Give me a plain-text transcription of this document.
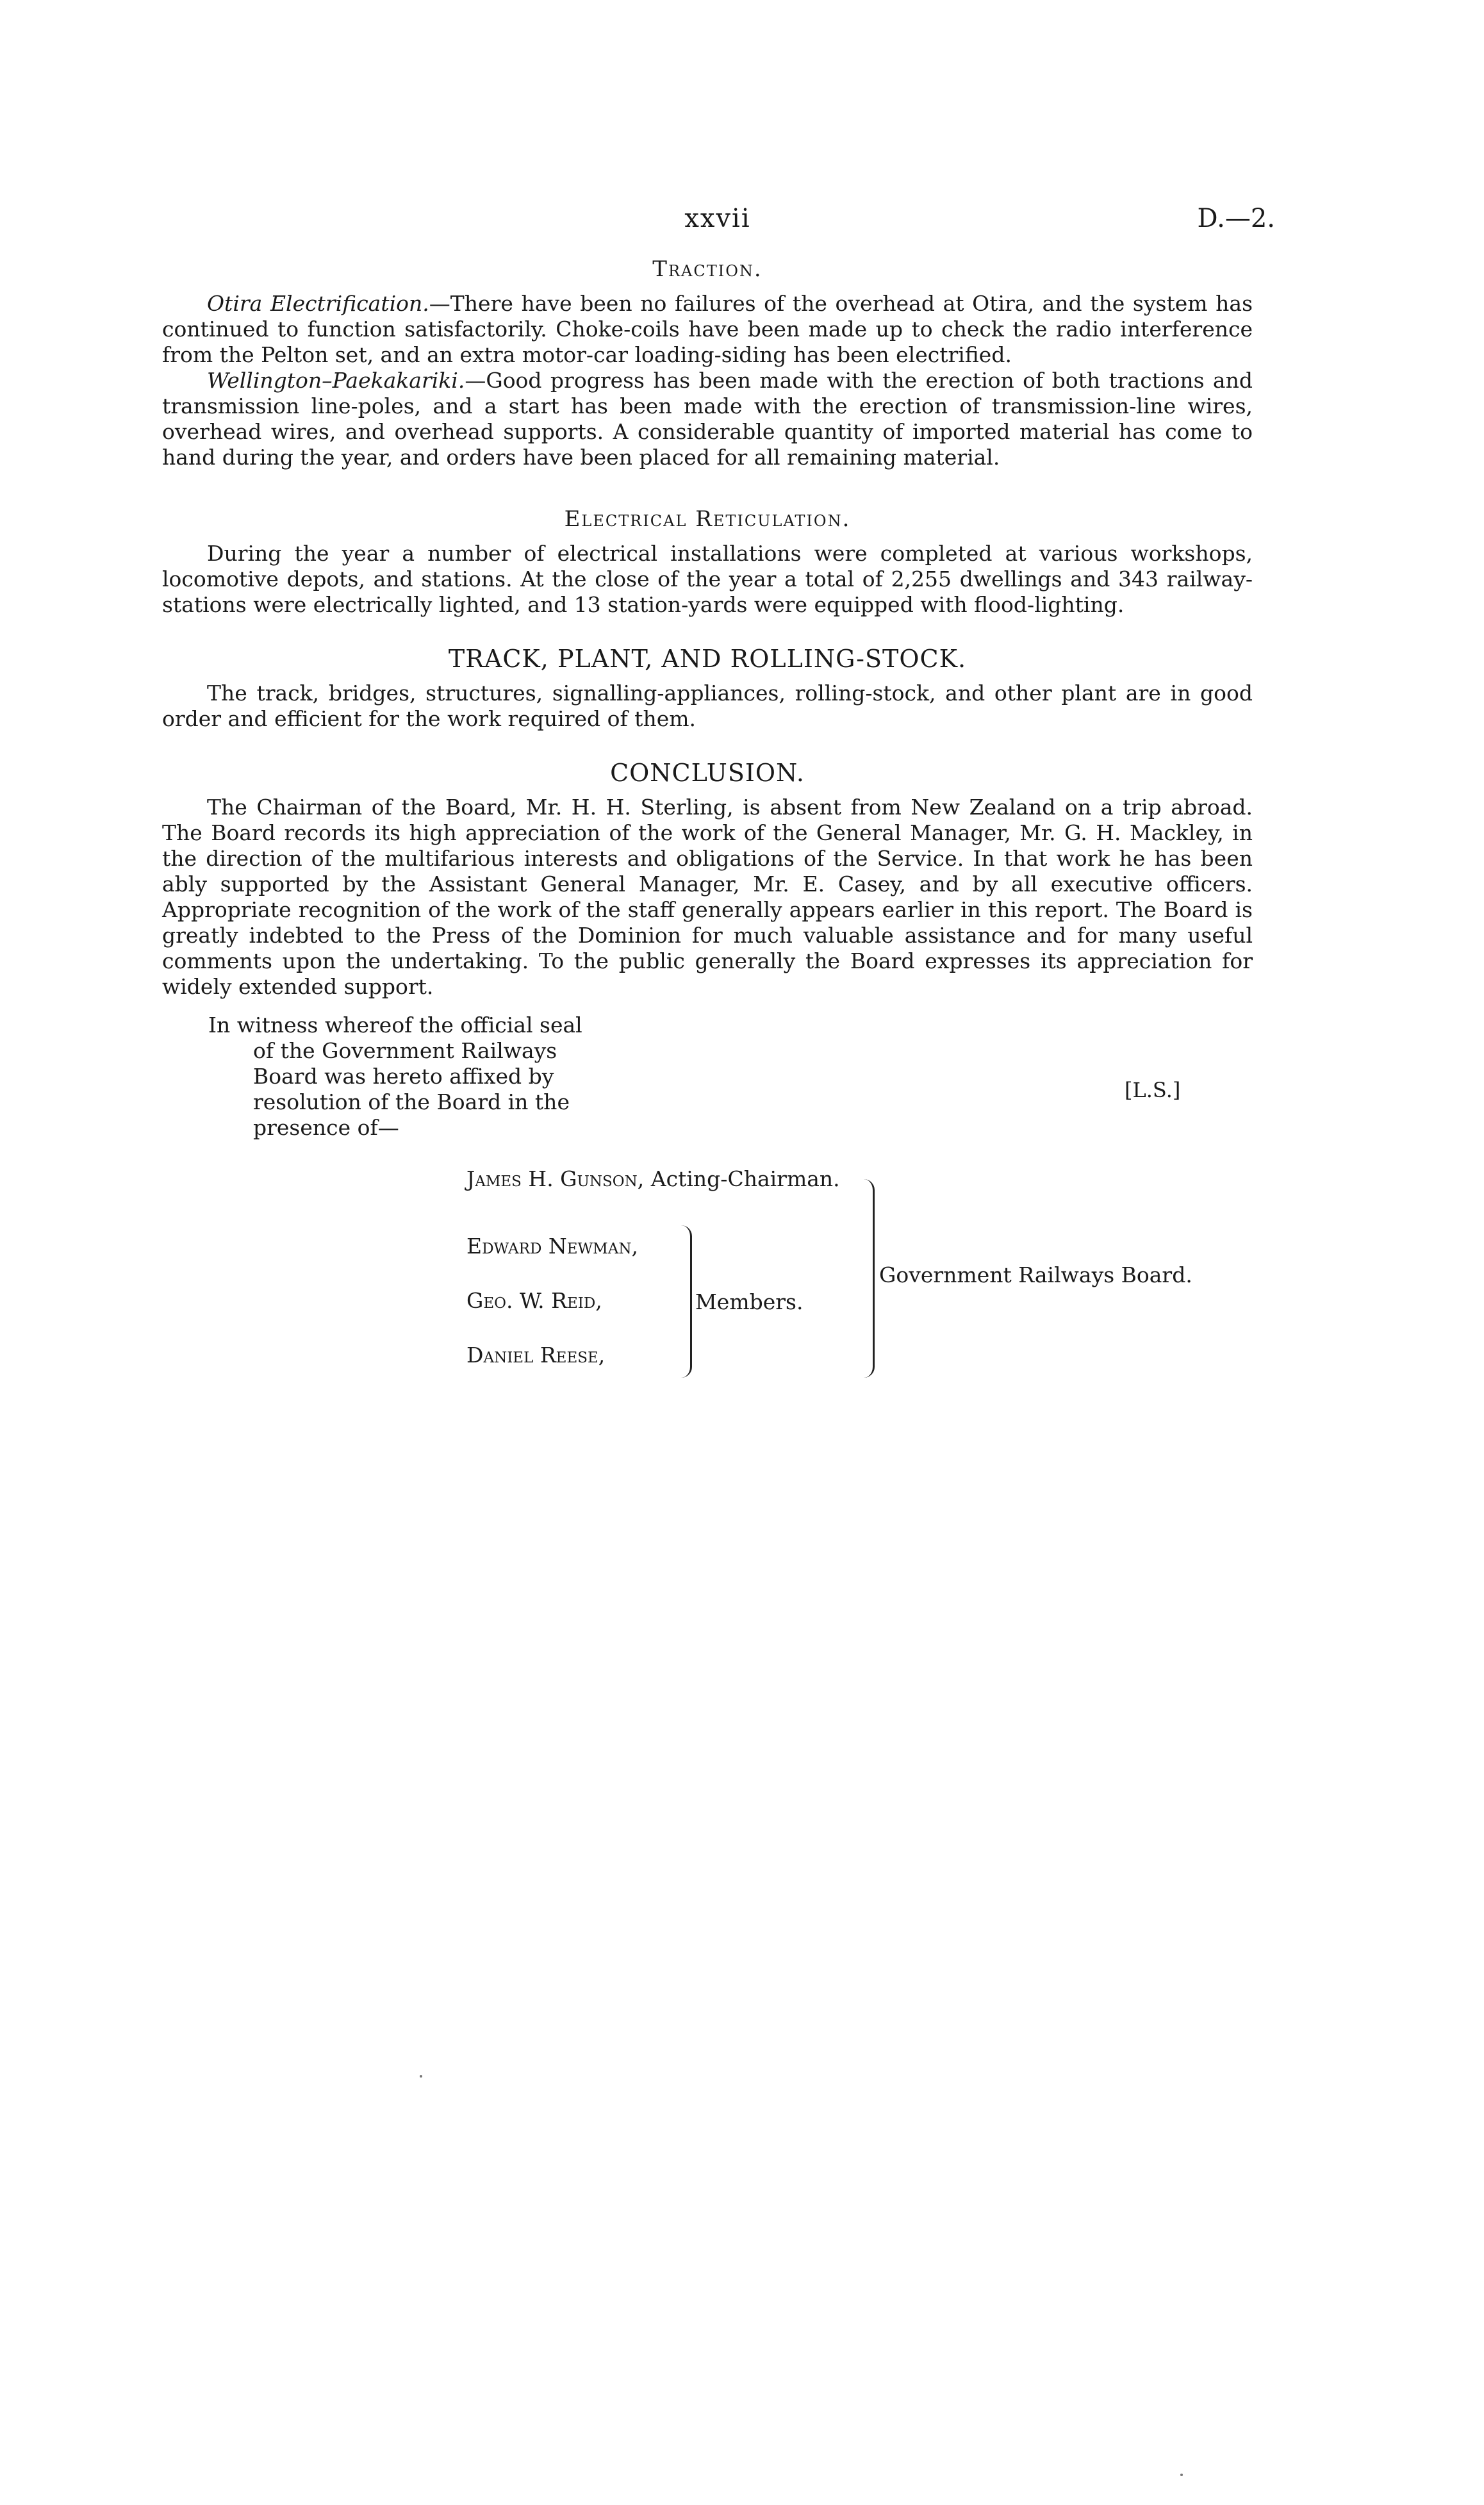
xxvii	D.—2.
Traction.

Otira Electrification.—There have been no failures of the overhead at Otira, and the system has continued to function satisfactorily. Choke-coils have been made up to check the radio interference from the Pelton set, and an extra motor-car loading-siding has been electrified.

Wellington–Paekakariki.—Good progress has been made with the erection of both tractions and transmission line-poles, and a start has been made with the erection of transmission-line wires, overhead wires, and overhead supports. A considerable quantity of imported material has come to hand during the year, and orders have been placed for all remaining material.

Electrical Reticulation.

During the year a number of electrical installations were completed at various workshops, locomotive depots, and stations. At the close of the year a total of 2,255 dwellings and 343 railway-stations were electrically lighted, and 13 station-yards were equipped with flood-lighting.

TRACK, PLANT, AND ROLLING-STOCK.

The track, bridges, structures, signalling-appliances, rolling-stock, and other plant are in good order and efficient for the work required of them.

CONCLUSION.

The Chairman of the Board, Mr. H. H. Sterling, is absent from New Zealand on a trip abroad. The Board records its high appreciation of the work of the General Manager, Mr. G. H. Mackley, in the direction of the multifarious interests and obligations of the Service. In that work he has been ably supported by the Assistant General Manager, Mr. E. Casey, and by all executive officers. Appropriate recognition of the work of the staff generally appears earlier in this report. The Board is greatly indebted to the Press of the Dominion for much valuable assistance and for many useful comments upon the undertaking. To the public generally the Board expresses its appreciation for widely extended support.

In witness whereof the official seal
of the Government Railways
Board was hereto affixed by
resolution of the Board in the
presence of—
[L.S.]
James H. Gunson, Acting-Chairman.
Edward Newman,
Geo. W. Reid,
Daniel Reese,
Members.
Government Railways Board.
